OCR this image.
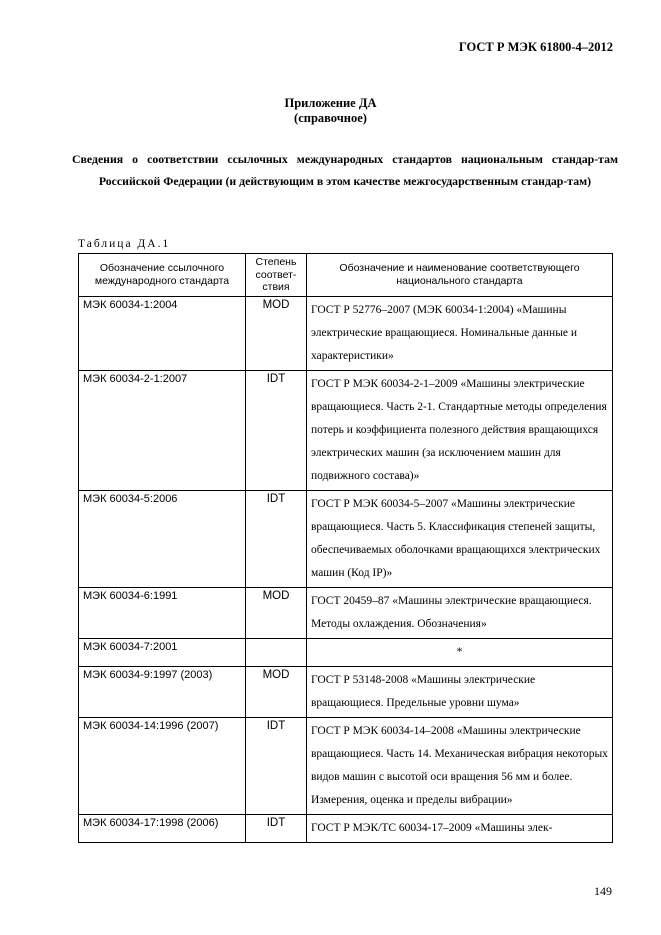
ГОСТ Р МЭК 61800-4–2012
Приложение ДА
(справочное)
Сведения о соответствии ссылочных международных стандартов национальным стандар-там Российской Федерации (и действующим в этом качестве межгосударственным стандар-там)
Таблица ДА.1
Обозначение ссылочного международного стандарта	Степень соответ-ствия	Обозначение и наименование соответствующего национального стандарта
МЭК 60034-1:2004	MOD	ГОСТ Р 52776–2007 (МЭК 60034-1:2004) «Машины электрические вращающиеся. Номинальные данные и характеристики»
МЭК 60034-2-1:2007	IDT	ГОСТ Р МЭК 60034-2-1–2009 «Машины электрические вращающиеся. Часть 2-1. Стандартные методы определения потерь и коэффициента полезного действия вращающихся электрических машин (за исключением машин для подвижного состава)»
МЭК 60034-5:2006	IDT	ГОСТ Р МЭК 60034-5–2007 «Машины электрические вращающиеся. Часть 5. Классификация степеней защиты, обеспечиваемых оболочками вращающихся электрических машин (Код IP)»
МЭК 60034-6:1991	MOD	ГОСТ 20459–87 «Машины электрические вращающиеся. Методы охлаждения. Обозначения»
МЭК 60034-7:2001		*
МЭК 60034-9:1997 (2003)	MOD	ГОСТ Р 53148-2008 «Машины электрические вращающиеся. Предельные уровни шума»
МЭК 60034-14:1996 (2007)	IDT	ГОСТ Р МЭК 60034-14–2008 «Машины электрические вращающиеся. Часть 14. Механическая вибрация некоторых видов машин с высотой оси вращения 56 мм и более. Измерения, оценка и пределы вибрации»
МЭК 60034-17:1998 (2006)	IDT	ГОСТ Р МЭК/TC 60034-17–2009 «Машины элек-
149
